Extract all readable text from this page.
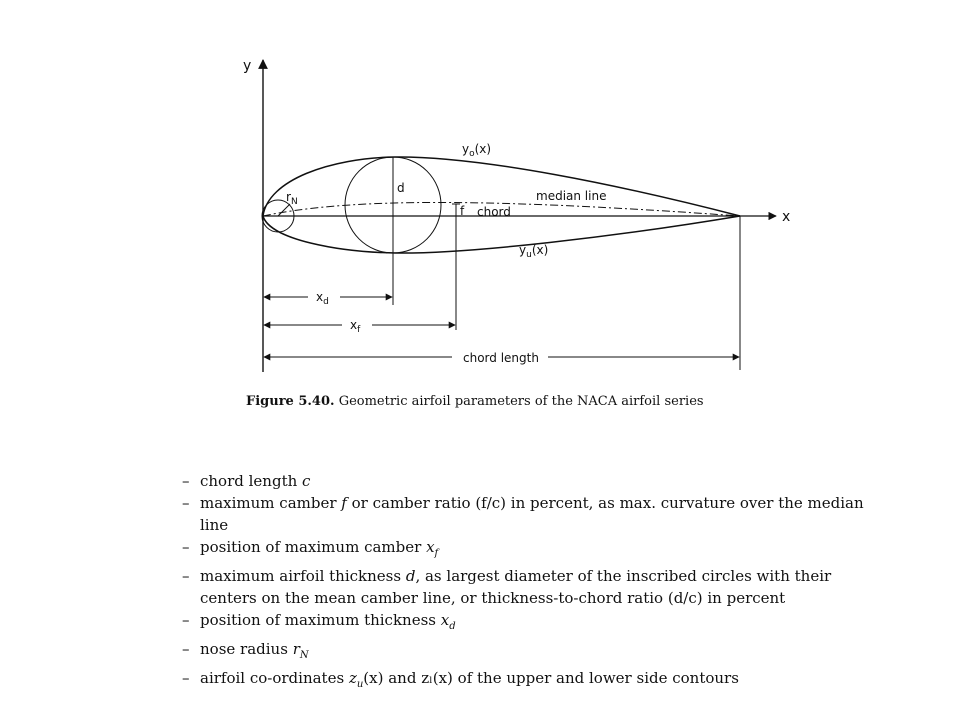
y
x
$y_o(x)$
median line
chord
f
d
$y_u(x)$
$r_N$
$x_d$
$x_f$
chord length
Figure 5.40. Geometric airfoil parameters of the NACA airfoil series
– chord length c
– maximum camber f or camber ratio (f/c) in percent, as max. curvature over the median line
– position of maximum camber $x_f$
– maximum airfoil thickness d, as largest diameter of the inscribed circles with their centers on the mean camber line, or thickness-to-chord ratio (d/c) in percent
– position of maximum thickness $x_d$
– nose radius $r_N$
– airfoil co-ordinates $z_u(x)$ and zₗ(x) of the upper and lower side contours
